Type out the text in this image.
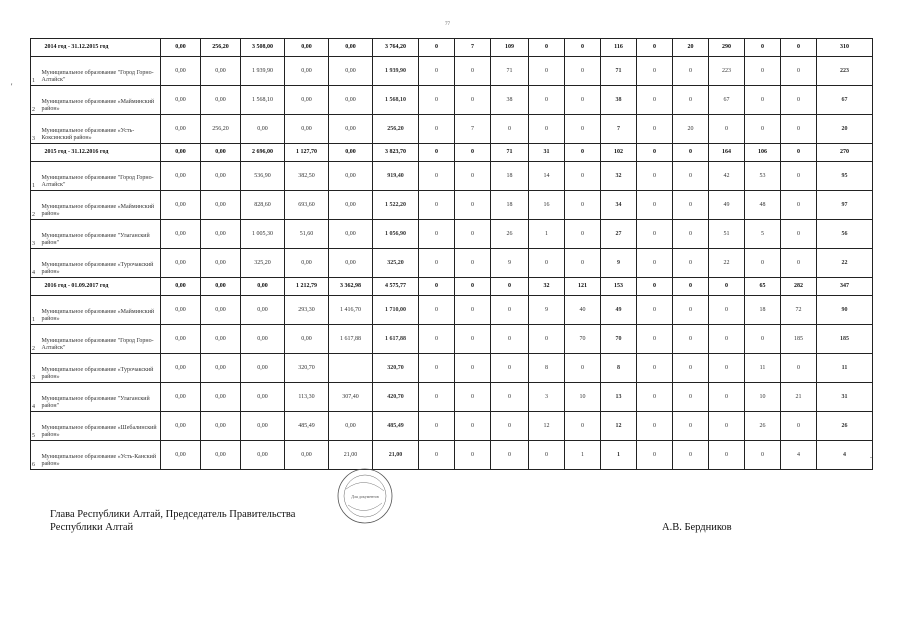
77
	2014 год - 31.12.2015 год	0,00	256,20	3 508,00	0,00	0,00	3 764,20	0	7	109	0	0	116	0	20	290	0	0	310
1	Муниципальное образование "Город Горно-Алтайск"	0,00	0,00	1 939,90	0,00	0,00	1 939,90	0	0	71	0	0	71	0	0	223	0	0	223
2	Муниципальное образование «Майминский район»	0,00	0,00	1 568,10	0,00	0,00	1 568,10	0	0	38	0	0	38	0	0	67	0	0	67
3	Муниципальное образование «Усть-Коксинский район»	0,00	256,20	0,00	0,00	0,00	256,20	0	7	0	0	0	7	0	20	0	0	0	20
	2015 год - 31.12.2016 год	0,00	0,00	2 696,00	1 127,70	0,00	3 823,70	0	0	71	31	0	102	0	0	164	106	0	270
1	Муниципальное образование "Город Горно-Алтайск"	0,00	0,00	536,90	382,50	0,00	919,40	0	0	18	14	0	32	0	0	42	53	0	95
2	Муниципальное образование «Майминский район»	0,00	0,00	828,60	693,60	0,00	1 522,20	0	0	18	16	0	34	0	0	49	48	0	97
3	Муниципальное образование "Улаганский район"	0,00	0,00	1 005,30	51,60	0,00	1 056,90	0	0	26	1	0	27	0	0	51	5	0	56
4	Муниципальное образование «Турочакский район»	0,00	0,00	325,20	0,00	0,00	325,20	0	0	9	0	0	9	0	0	22	0	0	22
	2016 год - 01.09.2017 год	0,00	0,00	0,00	1 212,79	3 362,98	4 575,77	0	0	0	32	121	153	0	0	0	65	282	347
1	Муниципальное образование «Майминский район»	0,00	0,00	0,00	293,30	1 416,70	1 710,00	0	0	0	9	40	49	0	0	0	18	72	90
2	Муниципальное образование "Город Горно-Алтайск"	0,00	0,00	0,00	0,00	1 617,88	1 617,88	0	0	0	0	70	70	0	0	0	0	185	185
3	Муниципальное образование «Турочакский район»	0,00	0,00	0,00	320,70		320,70	0	0	0	8	0	8	0	0	0	11	0	11
4	Муниципальное образование "Улаганский район"	0,00	0,00	0,00	113,30	307,40	420,70	0	0	0	3	10	13	0	0	0	10	21	31
5	Муниципальное образование «Шебалинский район»	0,00	0,00	0,00	485,49	0,00	485,49	0	0	0	12	0	12	0	0	0	26	0	26
6	Муниципальное образование «Усть-Канский район»	0,00	0,00	0,00	0,00	21,00	21,00	0	0	0	0	1	1	0	0	0	0	4	4
'
.
Для документов
Глава Республики Алтай, Председатель Правительства
Республики Алтай	А.В. Бердников
